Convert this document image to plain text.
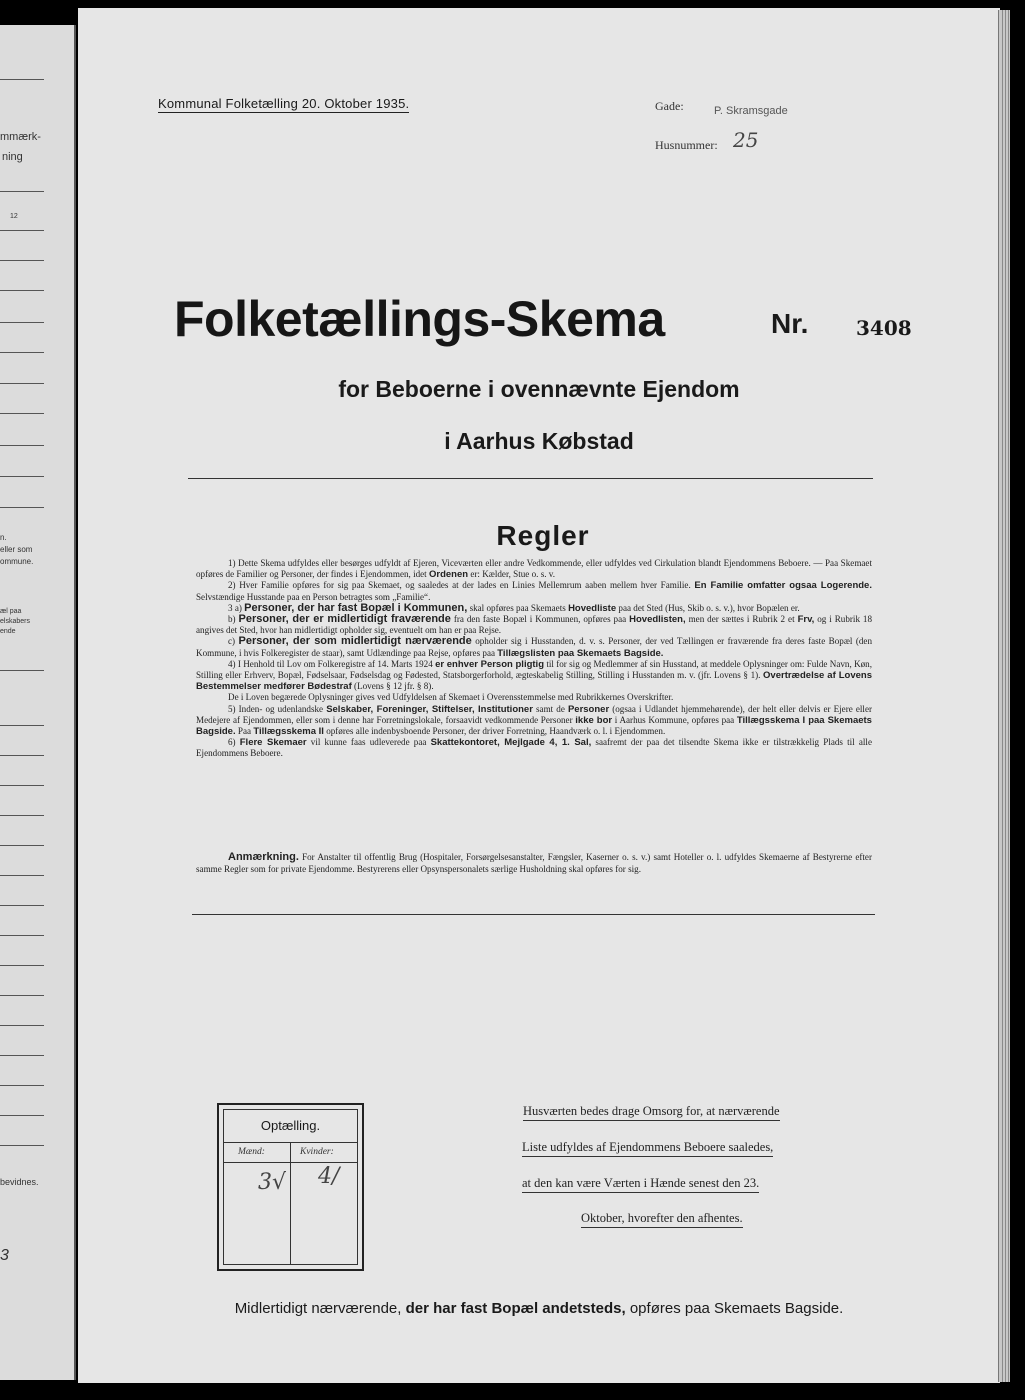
mmærk-
ning
12
n.
eller som
ommune.
æl paa
elskabers
ende
bevidnes.
3
Kommunal Folketælling 20. Oktober 1935.	Gade:	P. Skramsgade
Husnummer: 25
Folketællings-Skema	Nr. 3408
for Beboerne i ovennævnte Ejendom
i Aarhus Købstad
Regler

1) Dette Skema udfyldes eller besørges udfyldt af Ejeren, Viceværten eller andre Vedkommende, eller udfyldes ved Cirkulation blandt Ejendommens Beboere. — Paa Skemaet opføres de Familier og Personer, der findes i Ejendommen, idet Ordenen er: Kælder, Stue o. s. v.

2) Hver Familie opføres for sig paa Skemaet, og saaledes at der lades en Linies Mellemrum aaben mellem hver Familie. En Familie omfatter ogsaa Logerende. Selvstændige Husstande paa en Person betragtes som „Familie“.

3 a) Personer, der har fast Bopæl i Kommunen, skal opføres paa Skemaets Hovedliste paa det Sted (Hus, Skib o. s. v.), hvor Bopælen er.

b) Personer, der er midlertidigt fraværende fra den faste Bopæl i Kommunen, opføres paa Hovedlisten, men der sættes i Rubrik 2 et Frv, og i Rubrik 18 angives det Sted, hvor han midlertidigt opholder sig, eventuelt om han er paa Rejse.

c) Personer, der som midlertidigt nærværende opholder sig i Husstanden, d. v. s. Personer, der ved Tællingen er fraværende fra deres faste Bopæl (den Kommune, i hvis Folkeregister de staar), samt Udlændinge paa Rejse, opføres paa Tillægslisten paa Skemaets Bagside.

4) I Henhold til Lov om Folkeregistre af 14. Marts 1924 er enhver Person pligtig til for sig og Medlemmer af sin Husstand, at meddele Oplysninger om: Fulde Navn, Køn, Stilling eller Erhverv, Bopæl, Fødselsaar, Fødselsdag og Fødested, Statsborgerforhold, ægteskabelig Stilling, Stilling i Husstanden m. v. (jfr. Lovens § 1). Overtrædelse af Lovens Bestemmelser medfører Bødestraf (Lovens § 12 jfr. § 8).

De i Loven begærede Oplysninger gives ved Udfyldelsen af Skemaet i Overensstemmelse med Rubrikkernes Overskrifter.

5) Inden- og udenlandske Selskaber, Foreninger, Stiftelser, Institutioner samt de Personer (ogsaa i Udlandet hjemmehørende), der helt eller delvis er Ejere eller Medejere af Ejendommen, eller som i denne har Forretningslokale, forsaavidt vedkommende Personer ikke bor i Aarhus Kommune, opføres paa Tillægsskema I paa Skemaets Bagside. Paa Tillægsskema II opføres alle indenbysboende Personer, der driver Forretning, Haandværk o. l. i Ejendommen.

6) Flere Skemaer vil kunne faas udleverede paa Skattekontoret, Mejlgade 4, 1. Sal, saafremt der paa det tilsendte Skema ikke er tilstrækkelig Plads til alle Ejendommens Beboere.

Anmærkning. For Anstalter til offentlig Brug (Hospitaler, Forsørgelsesanstalter, Fængsler, Kaserner o. s. v.) samt Hoteller o. l. udfyldes Skemaerne af Bestyrerne efter samme Regler som for private Ejendomme. Bestyrerens eller Opsynspersonalets særlige Husholdning skal opføres for sig.
Optælling.
Mænd:	Kvinder:
3√ 4/
Husværten bedes drage Omsorg for, at nærværende
Liste udfyldes af Ejendommens Beboere saaledes,
at den kan være Værten i Hænde senest den 23.
Oktober, hvorefter den afhentes.
Midlertidigt nærværende, der har fast Bopæl andetsteds, opføres paa Skemaets Bagside.
